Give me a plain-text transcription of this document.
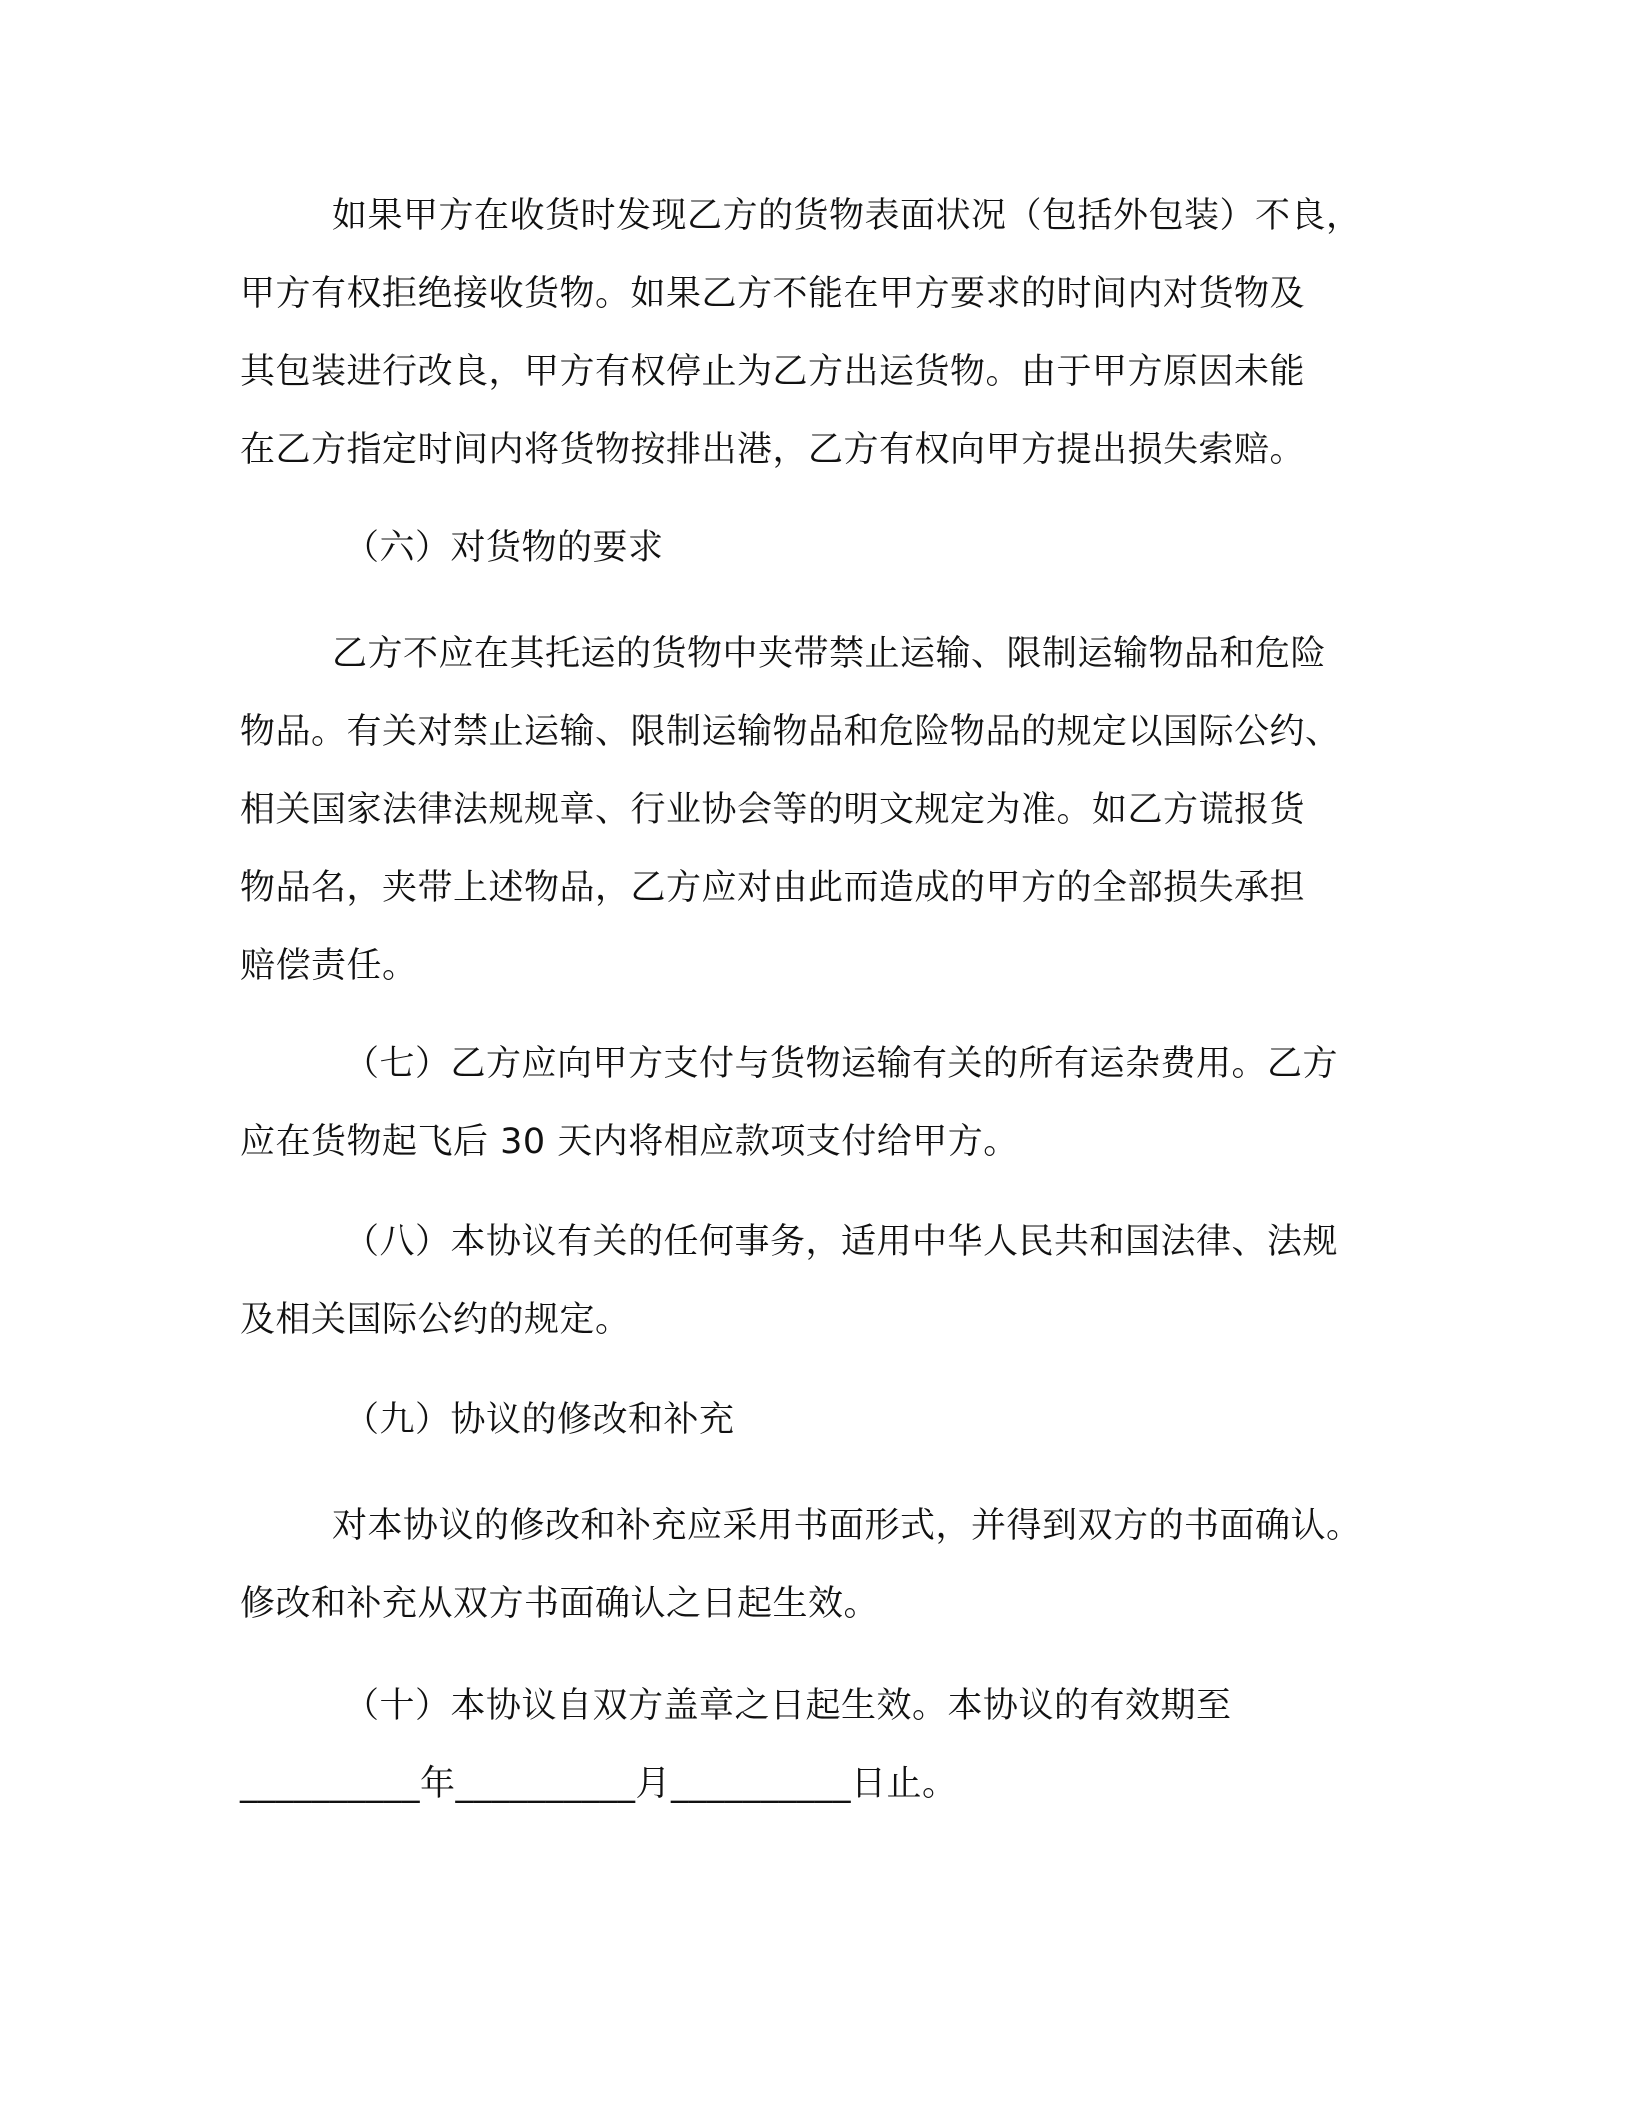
如果甲方在收货时发现乙方的货物表面状况（包括外包装）不良，
甲方有权拒绝接收货物。如果乙方不能在甲方要求的时间内对货物及
其包装进行改良，甲方有权停止为乙方出运货物。由于甲方原因未能
在乙方指定时间内将货物按排出港，乙方有权向甲方提出损失索赔。
（六）对货物的要求
乙方不应在其托运的货物中夹带禁止运输、限制运输物品和危险
物品。有关对禁止运输、限制运输物品和危险物品的规定以国际公约、
相关国家法律法规规章、行业协会等的明文规定为准。如乙方谎报货
物品名，夹带上述物品，乙方应对由此而造成的甲方的全部损失承担
赔偿责任。
（七）乙方应向甲方支付与货物运输有关的所有运杂费用。乙方
应在货物起飞后 30 天内将相应款项支付给甲方。
（八）本协议有关的任何事务，适用中华人民共和国法律、法规
及相关国际公约的规定。
（九）协议的修改和补充
对本协议的修改和补充应采用书面形式，并得到双方的书面确认。
修改和补充从双方书面确认之日起生效。
（十）本协议自双方盖章之日起生效。本协议的有效期至
__________年__________月__________日止。
